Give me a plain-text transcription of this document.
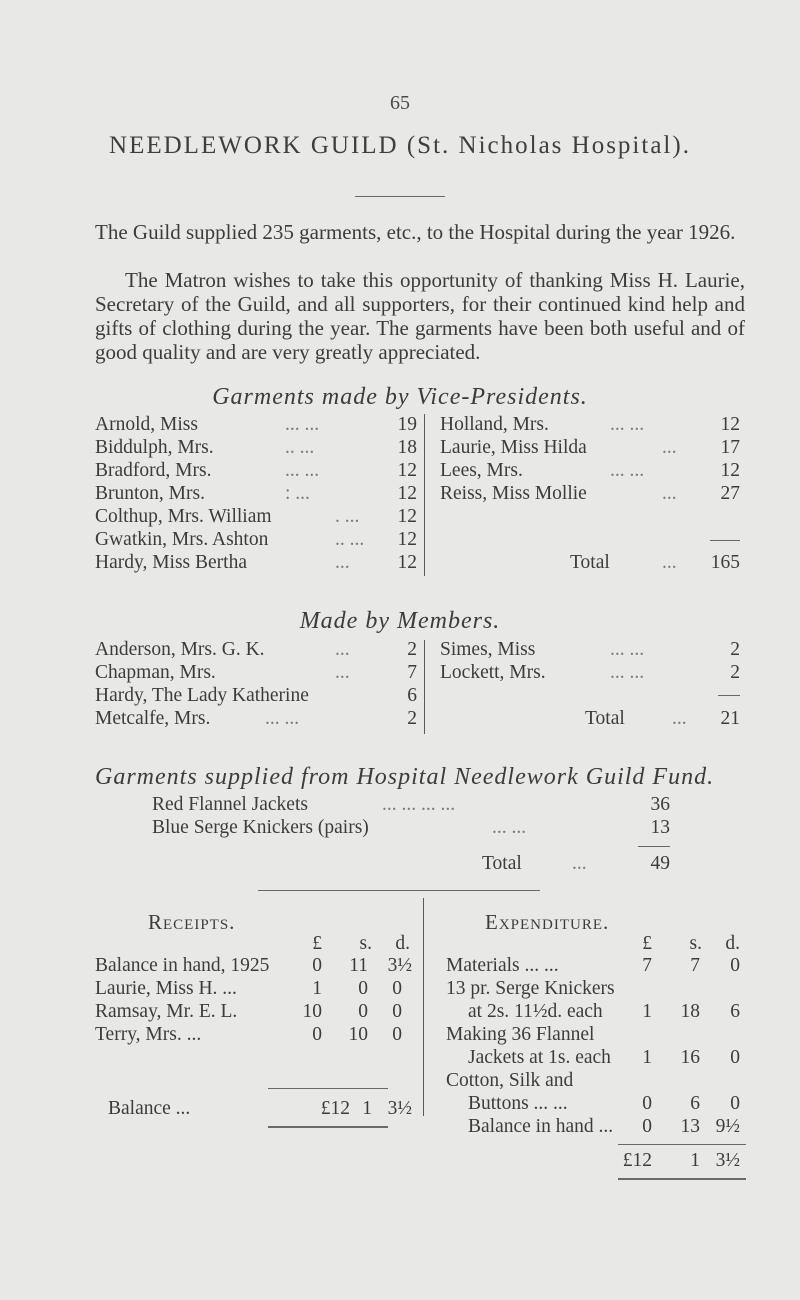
65
NEEDLEWORK GUILD (St. Nicholas Hospital).
The Guild supplied 235 garments, etc., to the Hospital during the year 1926.
The Matron wishes to take this opportunity of thanking Miss H. Laurie, Secretary of the Guild, and all supporters, for their continued kind help and gifts of clothing during the year. The garments have been both useful and of good quality and are very greatly appreciated.
Garments made by Vice-Presidents.
Arnold, Miss	... ...	19
Biddulph, Mrs.	.. ...	18
Bradford, Mrs.	... ...	12
Brunton, Mrs.	: ...	12
Colthup, Mrs. William	. ... 12
Gwatkin, Mrs. Ashton	.. ... 12
Hardy, Miss Bertha	... 12
Holland, Mrs.	... ...	12
Laurie, Miss Hilda	... 17
Lees, Mrs.	... ...	12
Reiss, Miss Mollie	... 27
Total	... 165
Made by Members.
Anderson, Mrs. G. K.	...	2
Chapman, Mrs.	...	7
Hardy, The Lady Katherine	6
Metcalfe, Mrs.	... ...	2
Simes, Miss	... ...	2
Lockett, Mrs.	... ...	2
Total ... 21
Garments supplied from Hospital Needlework Guild Fund.
Red Flannel Jackets	... ... ... ...	36
Blue Serge Knickers (pairs)	... ...	13
Total	...	49
Receipts.	Expenditure.
£ s. d.	£ s. d.
Balance in hand, 1925 0 11 3½
Laurie, Miss H. ...	1 0 0
Ramsay, Mr. E. L.	10 0 0
Terry, Mrs. ...	0 10 0
Balance ...	£12 1 3½
Materials ... ...	7 7 0
13 pr. Serge Knickers
at 2s. 11½d. each 1 18 6
Making 36 Flannel
Jackets at 1s. each 1 16 0
Cotton, Silk and
Buttons ... ...	0 6 0
Balance in hand ... 0 13 9½
£12 1 3½
